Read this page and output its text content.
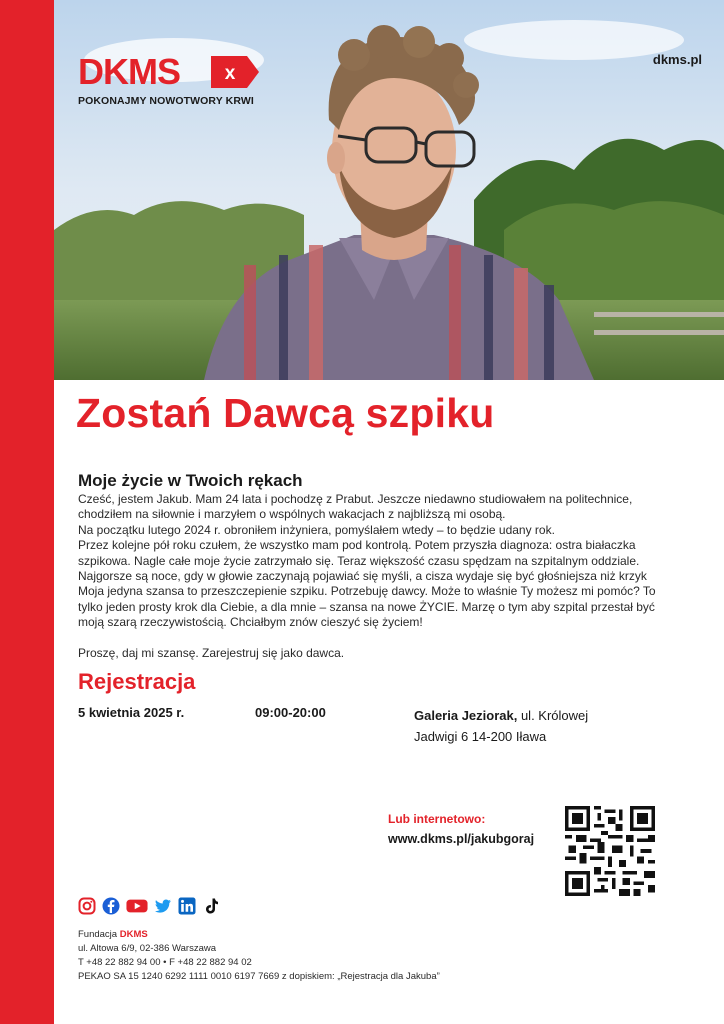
DKMS x
POKONAJMY NOWOTWORY KRWI
dkms.pl
Zostań Dawcą szpiku
Moje życie w Twoich rękach

Cześć, jestem Jakub. Mam 24 lata i pochodzę z Prabut. Jeszcze niedawno studiowałem na politechnice, chodziłem na siłownie i marzyłem o wspólnych wakacjach z najbliższą mi osobą.

Na początku lutego 2024 r. obroniłem inżyniera, pomyślałem wtedy – to będzie udany rok.

Przez kolejne pół roku czułem, że wszystko mam pod kontrolą. Potem przyszła diagnoza: ostra białaczka szpikowa. Nagle całe moje życie zatrzymało się. Teraz większość czasu spędzam na szpitalnym oddziale. Najgorsze są noce, gdy w głowie zaczynają pojawiać się myśli, a cisza wydaje się być głośniejsza niż krzyk

Moja jedyna szansa to przeszczepienie szpiku. Potrzebuję dawcy. Może to właśnie Ty możesz mi pomóc? To tylko jeden prosty krok dla Ciebie, a dla mnie – szansa na nowe ŻYCIE. Marzę o tym aby szpital przestał być moją szarą rzeczywistością. Chciałbym znów cieszyć się życiem!

Proszę, daj mi szansę. Zarejestruj się jako dawca.

Rejestracja
5 kwietnia 2025 r.	09:00-20:00	Galeria Jeziorak, ul. Królowej Jadwigi 6 14-200 Iława
Lub internetowo:
www.dkms.pl/jakubgoraj
Fundacja DKMS
ul. Altowa 6/9, 02-386 Warszawa
T +48 22 882 94 00 • F +48 22 882 94 02
PEKAO SA 15 1240 6292 1111 0010 6197 7669 z dopiskiem: „Rejestracja dla Jakuba”
